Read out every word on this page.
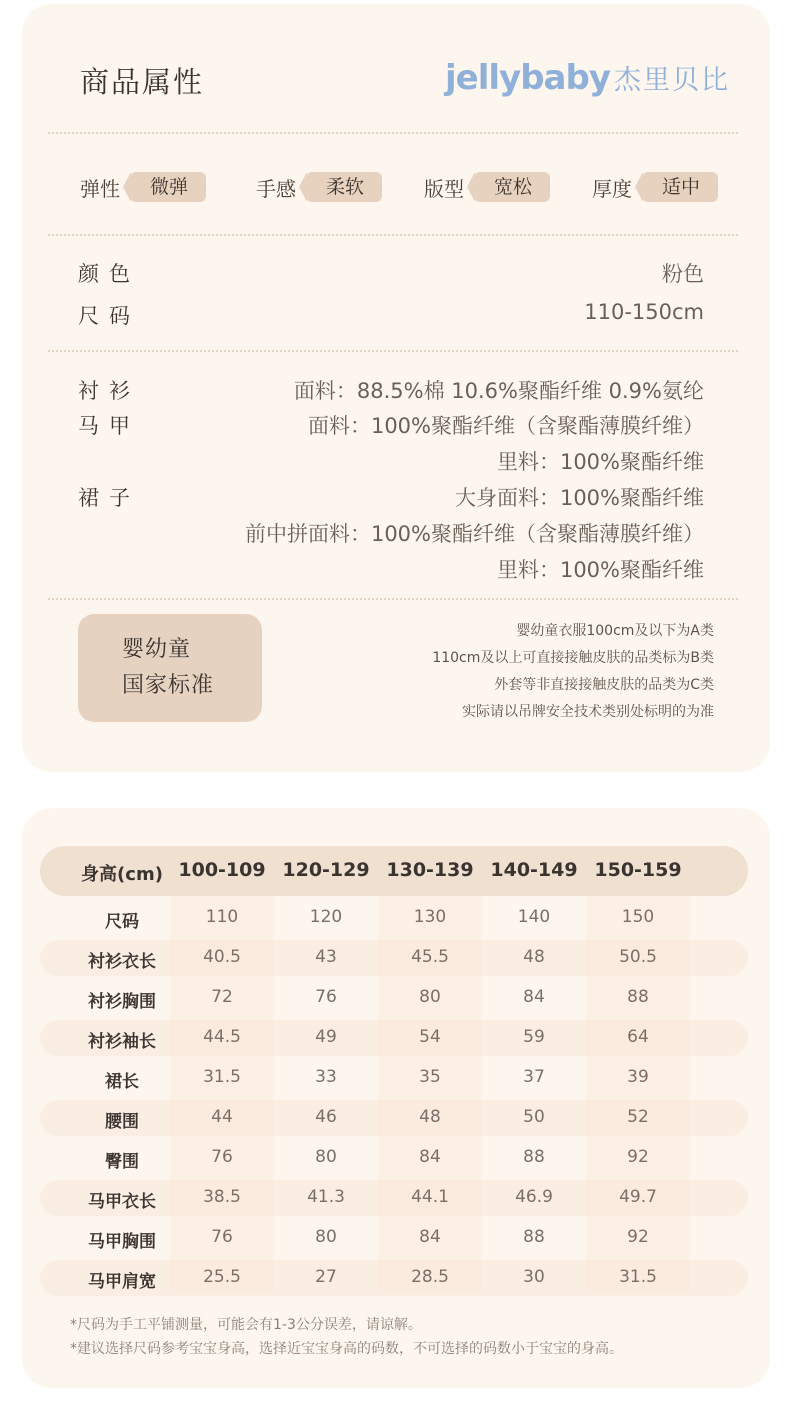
商品属性	jellybaby 杰里贝比
弹性	微弹	手感	柔软	版型	宽松	厚度	适中
颜色	粉色
尺码	110-150cm
衬衫	面料：88.5%棉 10.6%聚酯纤维 0.9%氨纶
马甲	面料：100%聚酯纤维（含聚酯薄膜纤维）
里料：100%聚酯纤维
裙子	大身面料：100%聚酯纤维
前中拼面料：100%聚酯纤维（含聚酯薄膜纤维）
里料：100%聚酯纤维
婴幼童
国家标准
婴幼童衣服100cm及以下为A类
110cm及以上可直接接触皮肤的品类标为B类
外套等非直接接触皮肤的品类为C类
实际请以吊牌安全技术类别处标明的为准
身高(cm) 100-109 120-129 130-139 140-149 150-159
尺码	110	120	130	140	150
衬衫衣长	40.5	43	45.5	48	50.5
衬衫胸围	72	76	80	84	88
衬衫袖长	44.5	49	54	59	64
裙长	31.5	33	35	37	39
腰围	44	46	48	50	52
臀围	76	80	84	88	92
马甲衣长	38.5	41.3	44.1	46.9	49.7
马甲胸围	76	80	84	88	92
马甲肩宽	25.5	27	28.5	30	31.5
*尺码为手工平铺测量，可能会有1-3公分误差，请谅解。
*建议选择尺码参考宝宝身高，选择近宝宝身高的码数，不可选择的码数小于宝宝的身高。
